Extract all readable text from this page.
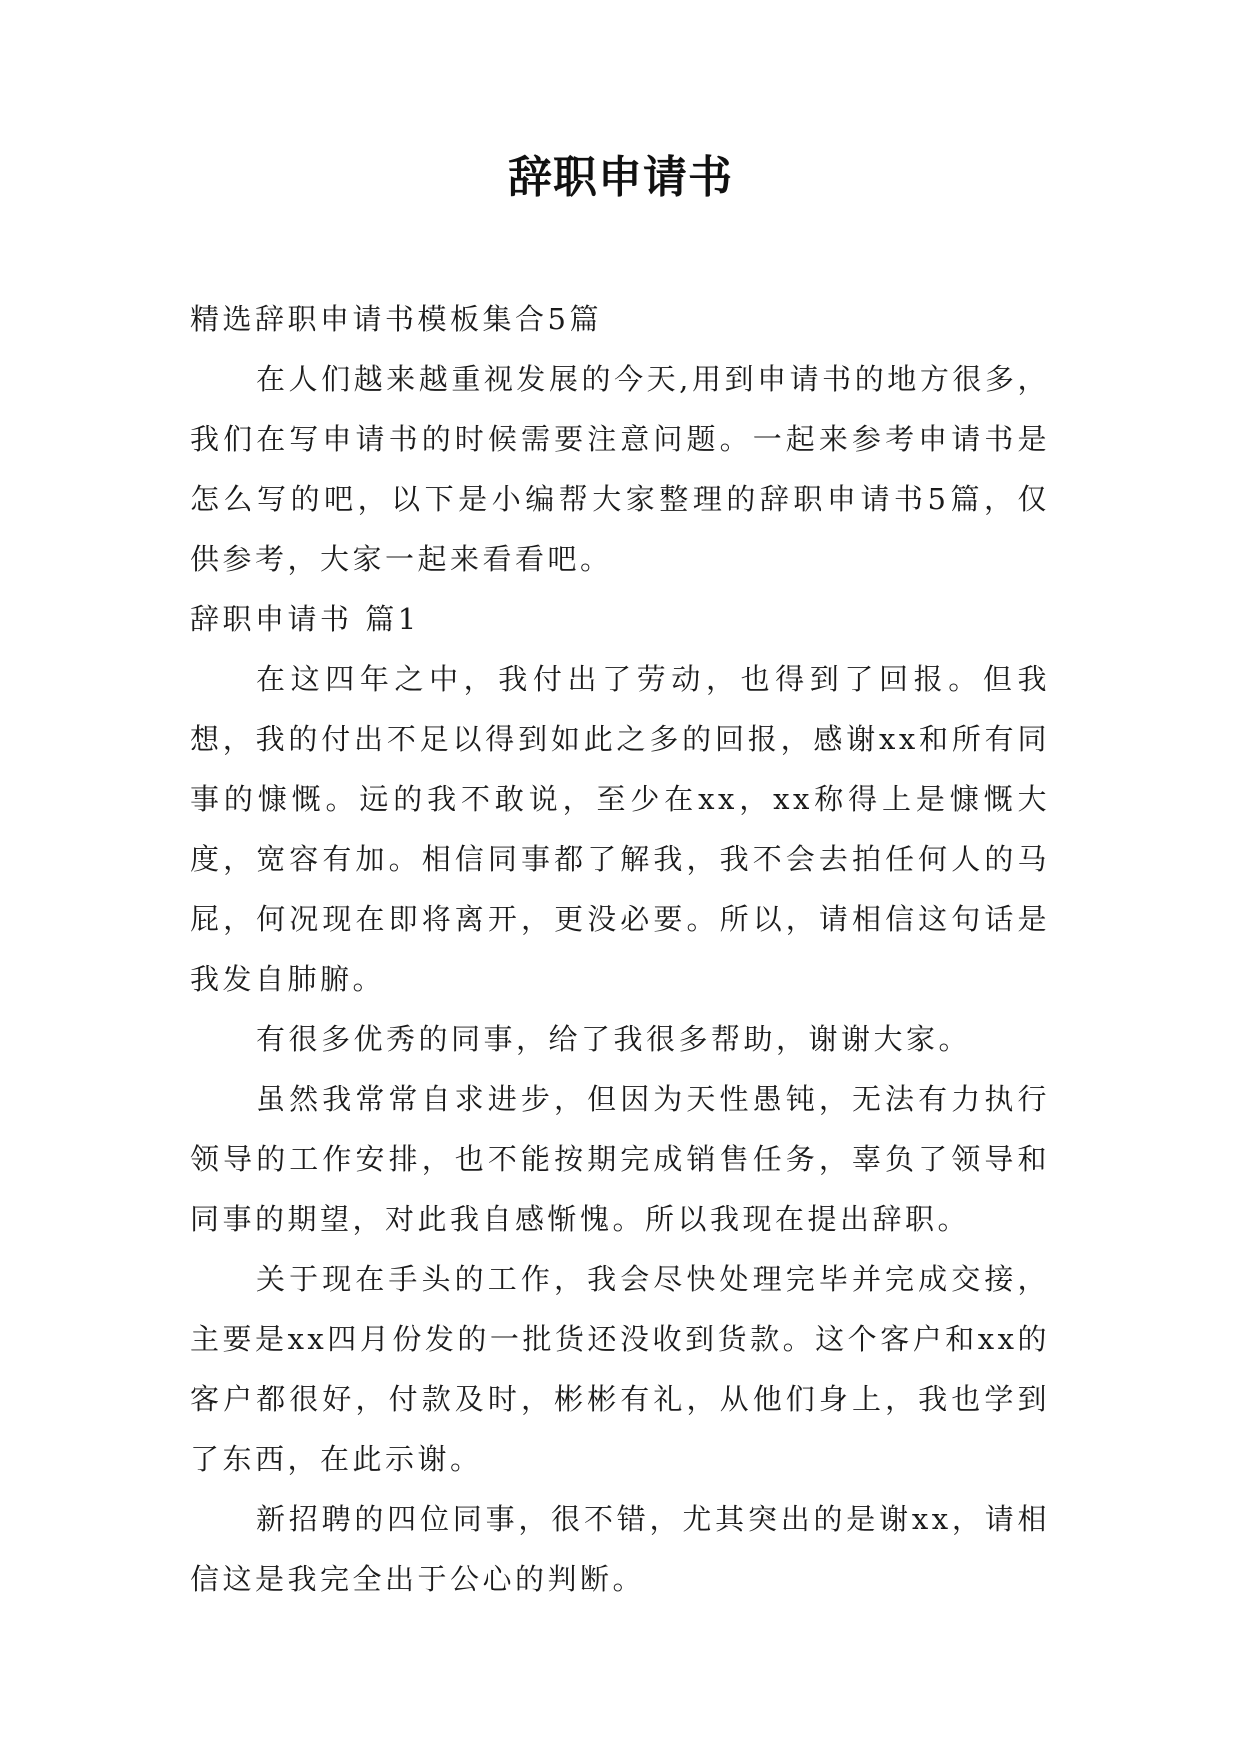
辞职申请书

精选辞职申请书模板集合5篇

在人们越来越重视发展的今天,用到申请书的地方很多，我们在写申请书的时候需要注意问题。一起来参考申请书是怎么写的吧，以下是小编帮大家整理的辞职申请书5篇，仅供参考，大家一起来看看吧。

辞职申请书 篇1

在这四年之中，我付出了劳动，也得到了回报。但我想，我的付出不足以得到如此之多的回报，感谢xx和所有同事的慷慨。远的我不敢说，至少在xx，xx称得上是慷慨大度，宽容有加。相信同事都了解我，我不会去拍任何人的马屁，何况现在即将离开，更没必要。所以，请相信这句话是我发自肺腑。

有很多优秀的同事，给了我很多帮助，谢谢大家。

虽然我常常自求进步，但因为天性愚钝，无法有力执行领导的工作安排，也不能按期完成销售任务，辜负了领导和同事的期望，对此我自感惭愧。所以我现在提出辞职。

关于现在手头的工作，我会尽快处理完毕并完成交接，主要是xx四月份发的一批货还没收到货款。这个客户和xx的客户都很好，付款及时，彬彬有礼，从他们身上，我也学到了东西，在此示谢。

新招聘的四位同事，很不错，尤其突出的是谢xx，请相信这是我完全出于公心的判断。
